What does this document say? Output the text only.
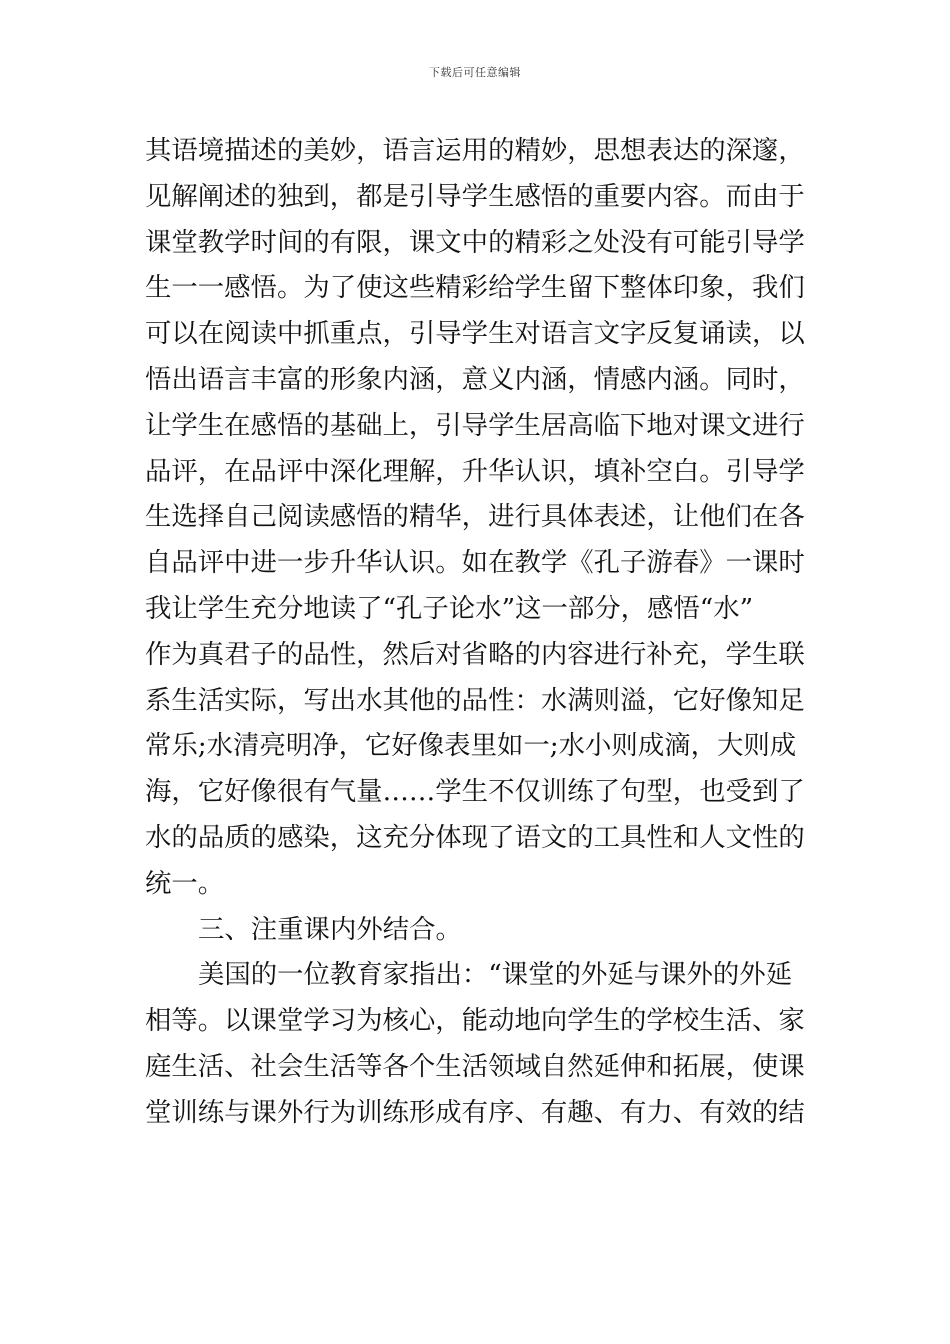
下载后可任意编辑
其语境描述的美妙，语言运用的精妙，思想表达的深邃，
见解阐述的独到，都是引导学生感悟的重要内容。而由于
课堂教学时间的有限，课文中的精彩之处没有可能引导学
生一一感悟。为了使这些精彩给学生留下整体印象，我们
可以在阅读中抓重点，引导学生对语言文字反复诵读，以
悟出语言丰富的形象内涵，意义内涵，情感内涵。同时，
让学生在感悟的基础上，引导学生居高临下地对课文进行
品评，在品评中深化理解，升华认识，填补空白。引导学
生选择自己阅读感悟的精华，进行具体表述，让他们在各
自品评中进一步升华认识。如在教学《孔子游春》一课时
我让学生充分地读了“孔子论水”这一部分，感悟“水”
作为真君子的品性，然后对省略的内容进行补充，学生联
系生活实际，写出水其他的品性：水满则溢，它好像知足
常乐;水清亮明净，它好像表里如一;水小则成滴，大则成
海，它好像很有气量……学生不仅训练了句型，也受到了
水的品质的感染，这充分体现了语文的工具性和人文性的
统一。
三、注重课内外结合。
美国的一位教育家指出：“课堂的外延与课外的外延
相等。以课堂学习为核心，能动地向学生的学校生活、家
庭生活、社会生活等各个生活领域自然延伸和拓展，使课
堂训练与课外行为训练形成有序、有趣、有力、有效的结
